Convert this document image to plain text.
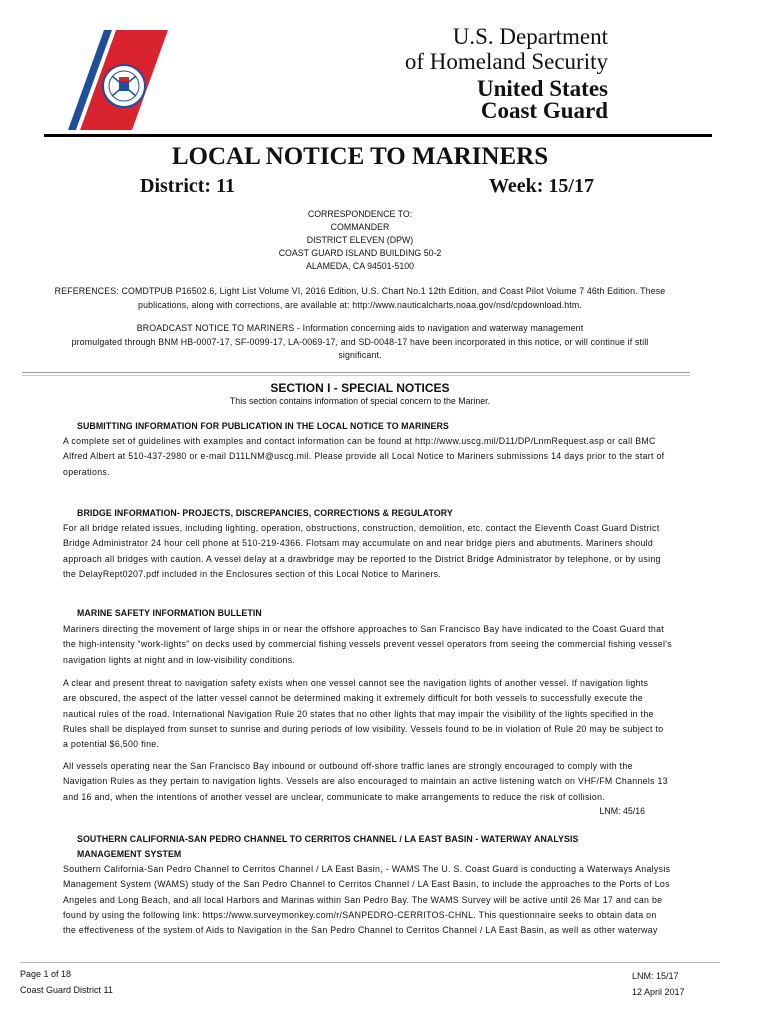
U.S. Department
of Homeland Security
United States
Coast Guard
LOCAL NOTICE TO MARINERS
District: 11	Week: 15/17
CORRESPONDENCE TO:
COMMANDER
DISTRICT ELEVEN (DPW)
COAST GUARD ISLAND BUILDING 50-2
ALAMEDA, CA 94501-5100
REFERENCES: COMDTPUB P16502.6, Light List Volume VI, 2016 Edition, U.S. Chart No.1 12th Edition, and Coast Pilot Volume 7 46th Edition. These
publications, along with corrections, are available at: http://www.nauticalcharts.noaa.gov/nsd/cpdownload.htm.
BROADCAST NOTICE TO MARINERS - Information concerning aids to navigation and waterway management
promulgated through BNM HB-0007-17, SF-0099-17, LA-0069-17, and SD-0048-17 have been incorporated in this notice, or will continue if still
significant.
SECTION I - SPECIAL NOTICES
This section contains information of special concern to the Mariner.
SUBMITTING INFORMATION FOR PUBLICATION IN THE LOCAL NOTICE TO MARINERS
A complete set of guidelines with examples and contact information can be found at http://www.uscg.mil/D11/DP/LnmRequest.asp or call BMC
Alfred Albert at 510-437-2980 or e-mail D11LNM@uscg.mil. Please provide all Local Notice to Mariners submissions 14 days prior to the start of
operations.
BRIDGE INFORMATION- PROJECTS, DISCREPANCIES, CORRECTIONS & REGULATORY
For all bridge related issues, including lighting, operation, obstructions, construction, demolition, etc. contact the Eleventh Coast Guard District
Bridge Administrator 24 hour cell phone at 510-219-4366. Flotsam may accumulate on and near bridge piers and abutments. Mariners should
approach all bridges with caution. A vessel delay at a drawbridge may be reported to the District Bridge Administrator by telephone, or by using
the DelayRept0207.pdf included in the Enclosures section of this Local Notice to Mariners.
MARINE SAFETY INFORMATION BULLETIN
Mariners directing the movement of large ships in or near the offshore approaches to San Francisco Bay have indicated to the Coast Guard that
the high-intensity “work-lights” on decks used by commercial fishing vessels prevent vessel operators from seeing the commercial fishing vessel's
navigation lights at night and in low-visibility conditions.
A clear and present threat to navigation safety exists when one vessel cannot see the navigation lights of another vessel. If navigation lights
are obscured, the aspect of the latter vessel cannot be determined making it extremely difficult for both vessels to successfully execute the
nautical rules of the road. International Navigation Rule 20 states that no other lights that may impair the visibility of the lights specified in the
Rules shall be displayed from sunset to sunrise and during periods of low visibility. Vessels found to be in violation of Rule 20 may be subject to
a potential $6,500 fine.
All vessels operating near the San Francisco Bay inbound or outbound off-shore traffic lanes are strongly encouraged to comply with the
Navigation Rules as they pertain to navigation lights. Vessels are also encouraged to maintain an active listening watch on VHF/FM Channels 13
and 16 and, when the intentions of another vessel are unclear, communicate to make arrangements to reduce the risk of collision.
LNM: 45/16
SOUTHERN CALIFORNIA-SAN PEDRO CHANNEL TO CERRITOS CHANNEL / LA EAST BASIN - WATERWAY ANALYSIS
MANAGEMENT SYSTEM
Southern California-San Pedro Channel to Cerritos Channel / LA East Basin, - WAMS The U. S. Coast Guard is conducting a Waterways Analysis
Management System (WAMS) study of the San Pedro Channel to Cerritos Channel / LA East Basin, to include the approaches to the Ports of Los
Angeles and Long Beach, and all local Harbors and Marinas within San Pedro Bay. The WAMS Survey will be active until 26 Mar 17 and can be
found by using the following link: https://www.surveymonkey.com/r/SANPEDRO-CERRITOS-CHNL. This questionnaire seeks to obtain data on
the effectiveness of the system of Aids to Navigation in the San Pedro Channel to Cerritos Channel / LA East Basin, as well as other waterway
Page 1 of 18
Coast Guard District 11
LNM: 15/17
12 April 2017
